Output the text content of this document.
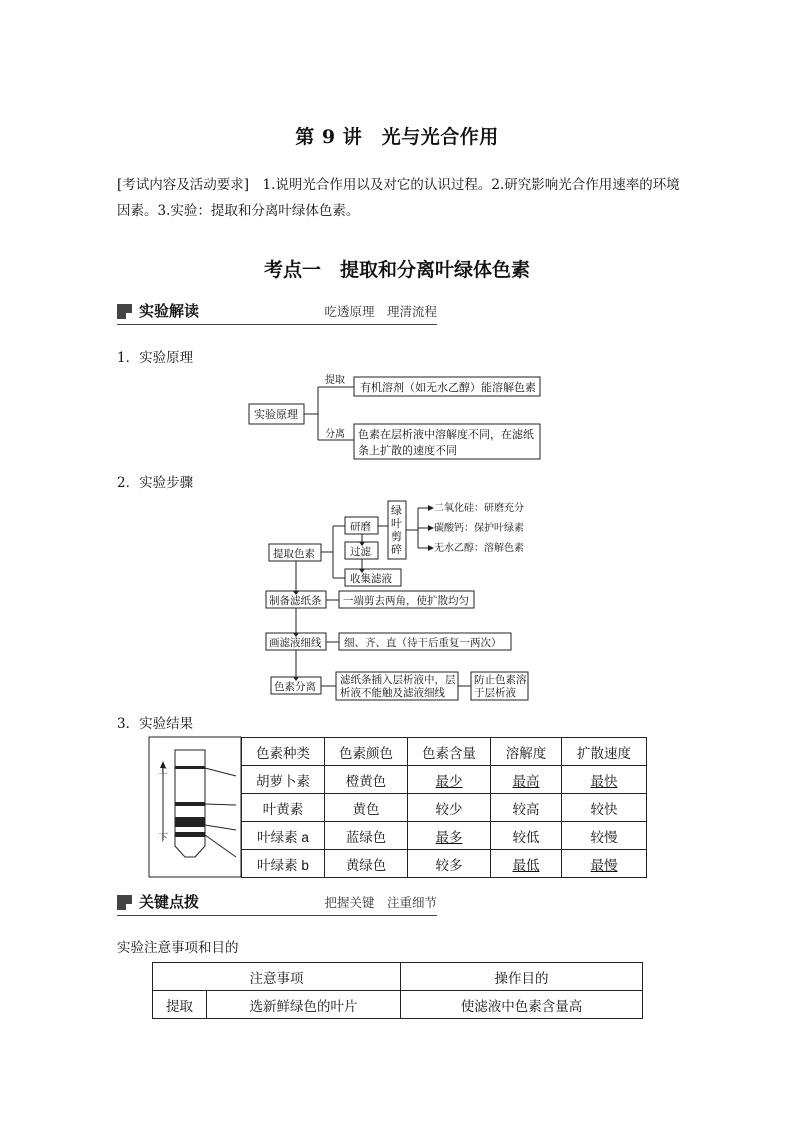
第 9 讲　光与光合作用
[考试内容及活动要求]　1.说明光合作用以及对它的认识过程。2.研究影响光合作用速率的环境因素。3.实验：提取和分离叶绿体色素。
考点一　提取和分离叶绿体色素
实验解读	吃透原理　理清流程
1．实验原理
实验原理
提取
分离
有机溶剂（如无水乙醇）能溶解色素
色素在层析液中溶解度不同，在滤纸
条上扩散的速度不同
提取色素
研磨
过滤
收集滤液
绿
叶
剪
碎
二氧化硅：研磨充分
碳酸钙：保护叶绿素
无水乙醇：溶解色素
制备滤纸条 一端剪去两角，使扩散均匀
画滤液细线 细、齐、直（待干后重复一两次）
色素分离
滤纸条插入层析液中，层
析液不能触及滤液细线
防止色素溶
于层析液
上
下
2．实验步骤
3．实验结果
	色素种类	色素颜色	色素含量	溶解度	扩散速度
	胡萝卜素	橙黄色	最少	最高	最快
	叶黄素	黄色	较少	较高	较快
	叶绿素 a	蓝绿色	最多	较低	较慢
	叶绿素 b	黄绿色	较多	最低	最慢
关键点拨	把握关键　注重细节
实验注意事项和目的
注意事项		操作目的
提取	选新鲜绿色的叶片	使滤液中色素含量高
